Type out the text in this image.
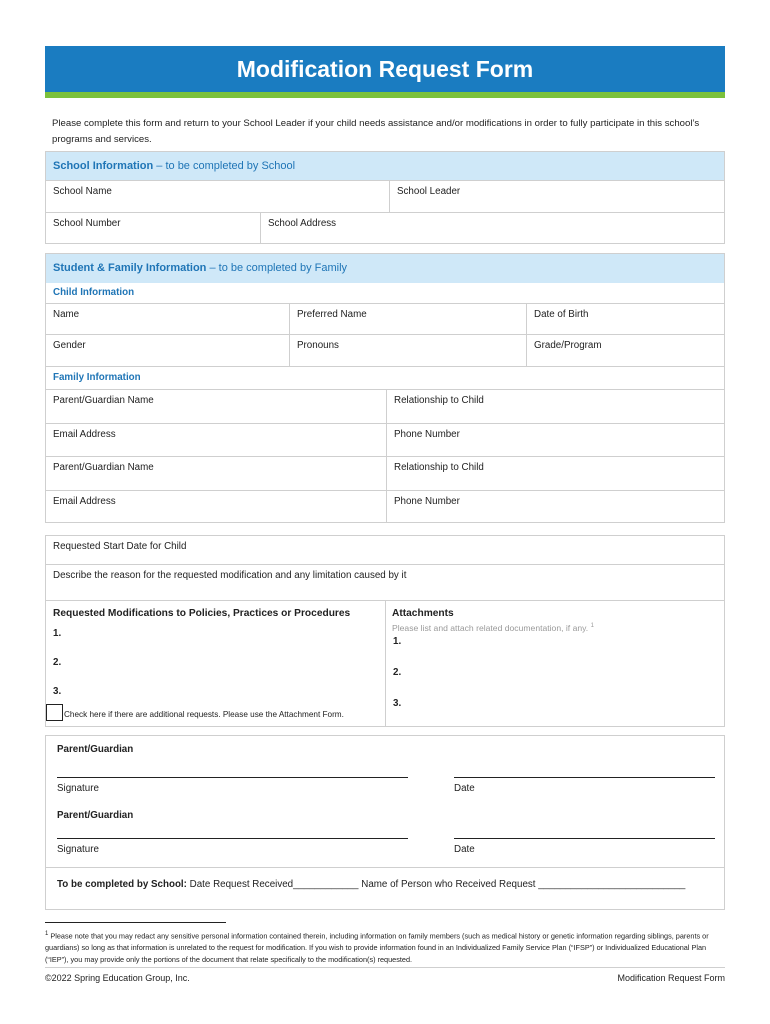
Modification Request Form
Please complete this form and return to your School Leader if your child needs assistance and/or modifications in order to fully participate in this school’s programs and services.
School Information – to be completed by School
School Name	School Leader
School Number	School Address
Student & Family Information – to be completed by Family
Child Information
Name	Preferred Name	Date of Birth
Gender	Pronouns	Grade/Program
Family Information
Parent/Guardian Name	Relationship to Child
Email Address	Phone Number
Parent/Guardian Name	Relationship to Child
Email Address	Phone Number
Requested Start Date for Child
Describe the reason for the requested modification and any limitation caused by it
Requested Modifications to Policies, Practices or Procedures
1.
2.
3.
Attachments
Please list and attach related documentation, if any. $^1$
1.
2.
3.
Check here if there are additional requests. Please use the Attachment Form.
Parent/Guardian
Signature	Date
Parent/Guardian
Signature	Date
To be completed by School: Date Request Received____________ Name of Person who Received Request ___________________________
$^1$ Please note that you may redact any sensitive personal information contained therein, including information on family members (such as medical history or genetic information regarding siblings, parents or guardians) so long as that information is unrelated to the request for modification. If you wish to provide information found in an Individualized Family Service Plan (“IFSP”) or Individualized Educational Plan (“IEP”), you may provide only the portions of the document that relate specifically to the modification(s) requested.
©2022 Spring Education Group, Inc.	Modification Request Form
